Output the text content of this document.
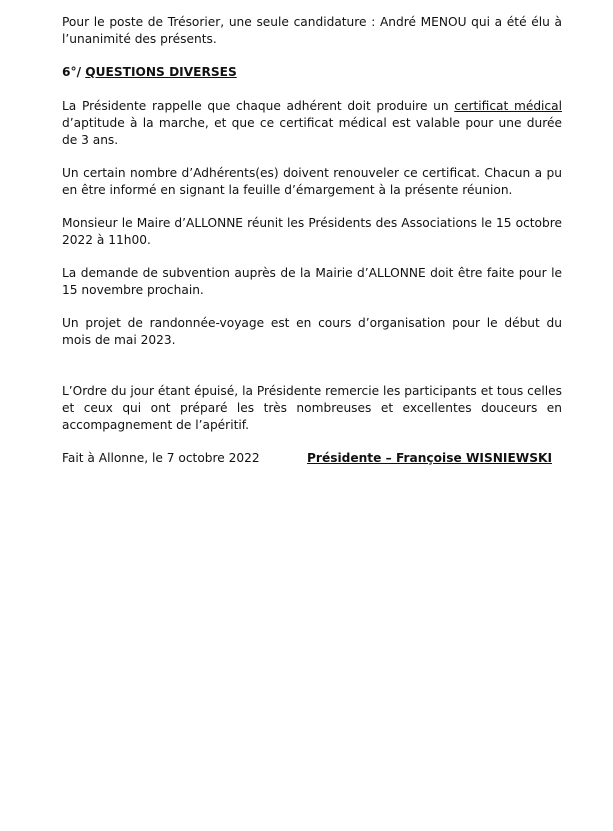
Pour le poste de Trésorier, une seule candidature : André MENOU qui a été élu à l’unanimité des présents.

6°/ QUESTIONS DIVERSES

La Présidente rappelle que chaque adhérent doit produire un certificat médical d’aptitude à la marche, et que ce certificat médical est valable pour une durée de 3 ans.

Un certain nombre d’Adhérents(es) doivent renouveler ce certificat. Chacun a pu en être informé en signant la feuille d’émargement à la présente réunion.

Monsieur le Maire d’ALLONNE réunit les Présidents des Associations le 15 octobre 2022 à 11h00.

La demande de subvention auprès de la Mairie d’ALLONNE doit être faite pour le 15 novembre prochain.

Un projet de randonnée-voyage est en cours d’organisation pour le début du mois de mai 2023.

L’Ordre du jour étant épuisé, la Présidente remercie les participants et tous celles et ceux qui ont préparé les très nombreuses et excellentes douceurs en accompagnement de l’apéritif.

Fait à Allonne, le 7 octobre 2022	Présidente – Françoise WISNIEWSKI
